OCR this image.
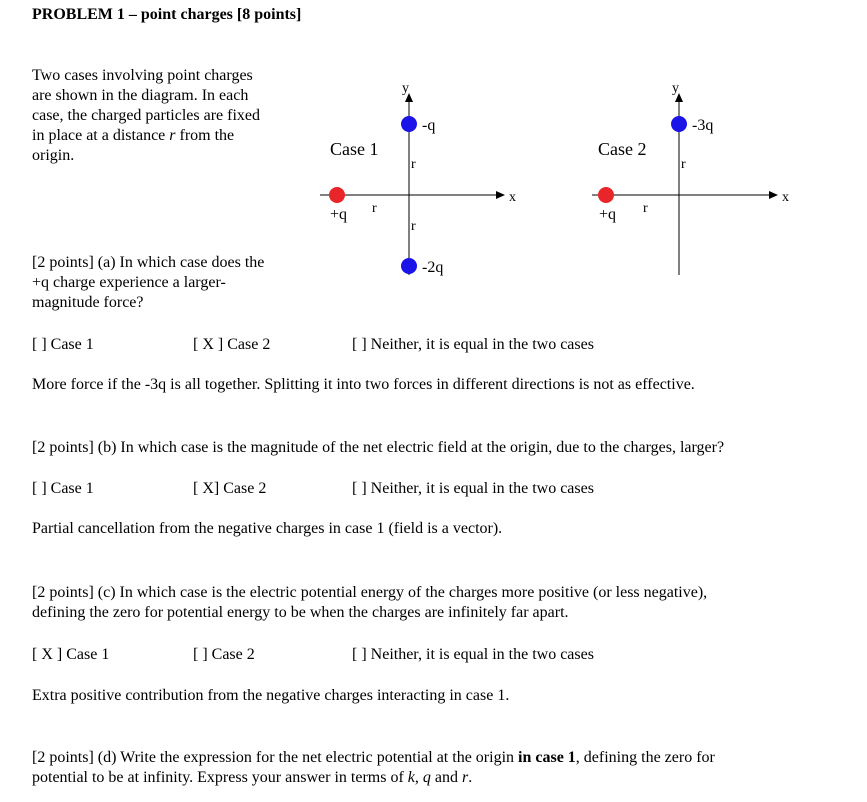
PROBLEM 1 – point charges [8 points]
Two cases involving point charges
are shown in the diagram. In each
case, the charged particles are fixed
in place at a distance r from the
origin.	Case 1
x
y
+q
-q
-2q
r
r
r
Case 2
x
y
+q
-3q
r
r
[2 points] (a) In which case does the
+q charge experience a larger-
magnitude force?
[ ] Case 1	[ X ] Case 2	[ ] Neither, it is equal in the two cases
More force if the -3q is all together. Splitting it into two forces in different directions is not as effective.
[2 points] (b) In which case is the magnitude of the net electric field at the origin, due to the charges, larger?
[ ] Case 1	[ X] Case 2	[ ] Neither, it is equal in the two cases
Partial cancellation from the negative charges in case 1 (field is a vector).
[2 points] (c) In which case is the electric potential energy of the charges more positive (or less negative),
defining the zero for potential energy to be when the charges are infinitely far apart.
[ X ] Case 1	[ ] Case 2	[ ] Neither, it is equal in the two cases
Extra positive contribution from the negative charges interacting in case 1.
[2 points] (d) Write the expression for the net electric potential at the origin in case 1, defining the zero for
potential to be at infinity. Express your answer in terms of k, q and r.
